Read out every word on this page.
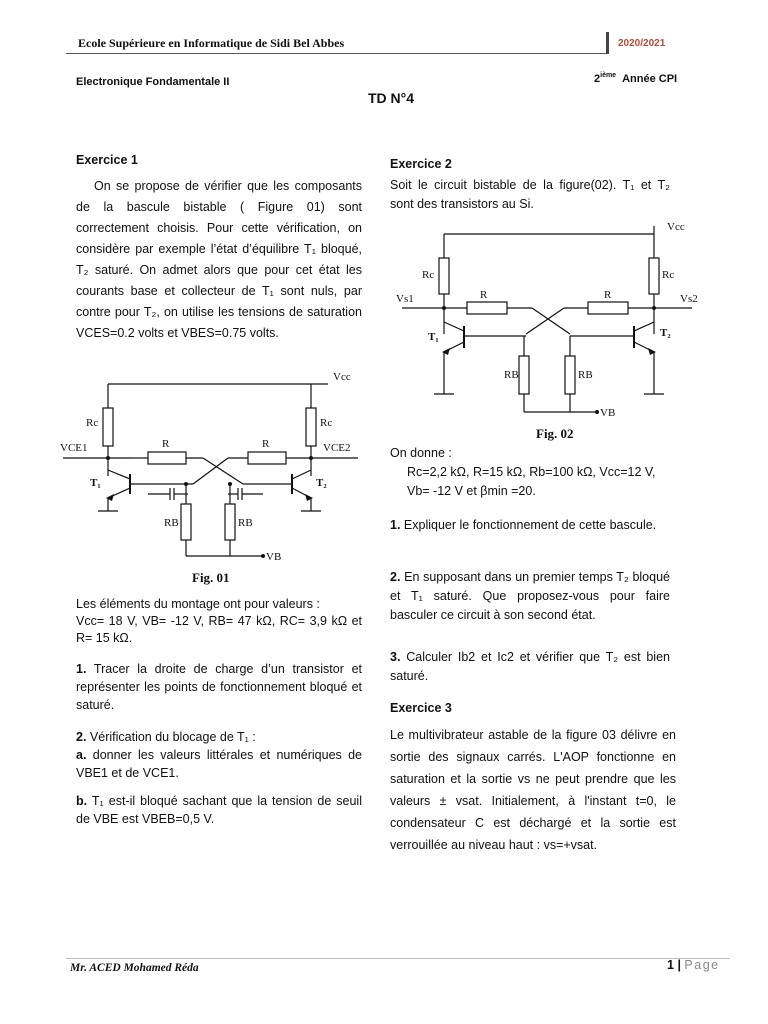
Ecole Supérieure en Informatique de Sidi Bel Abbes	2020/2021
Electronique Fondamentale II	2ième Année CPI
TD N°4
Exercice 1

On se propose de vérifier que les composants de la bascule bistable ( Figure 01) sont correctement choisis. Pour cette vérification, on considère par exemple l’état d’équilibre T₁ bloqué, T₂ saturé. On admet alors que pour cet état les courants base et collecteur de T₁ sont nuls, par contre pour T₂, on utilise les tensions de saturation VCES=0.2 volts et VBES=0.75 volts.

Vcc
Rc	Rc
R	R
VCE1	VCE2
RB	RB
VB
T₁	T₂
Fig. 01

Les éléments du montage ont pour valeurs :

Vcc= 18 V, VB= -12 V, RB= 47 kΩ, RC= 3,9 kΩ et R= 15 kΩ.

1. Tracer la droite de charge d’un transistor et représenter les points de fonctionnement bloqué et saturé.

2. Vérification du blocage de T₁ :

a. donner les valeurs littérales et numériques de VBE1 et de VCE1.

b. T₁ est-il bloqué sachant que la tension de seuil de VBE est VBEB=0,5 V.

Exercice 2

Soit le circuit bistable de la figure(02). T₁ et T₂ sont des transistors au Si.

Vcc
Rc	Rc
R	R
Vs1	Vs2
RB	RB
VB
T₁	T₂
Fig. 02

On donne :

Rc=2,2 kΩ, R=15 kΩ, Rb=100 kΩ, Vcc=12 V, Vb= -12 V et βmin =20.

1. Expliquer le fonctionnement de cette bascule.

2. En supposant dans un premier temps T₂ bloqué et T₁ saturé. Que proposez-vous pour faire basculer ce circuit à son second état.

3. Calculer Ib2 et Ic2 et vérifier que T₂ est bien saturé.

Exercice 3

Le multivibrateur astable de la figure 03 délivre en sortie des signaux carrés. L'AOP fonctionne en saturation et la sortie vs ne peut prendre que les valeurs ± vsat. Initialement, à l'instant t=0, le condensateur C est déchargé et la sortie est verrouillée au niveau haut : vs=+vsat.

Mr. ACED Mohamed Réda	1 | Page
